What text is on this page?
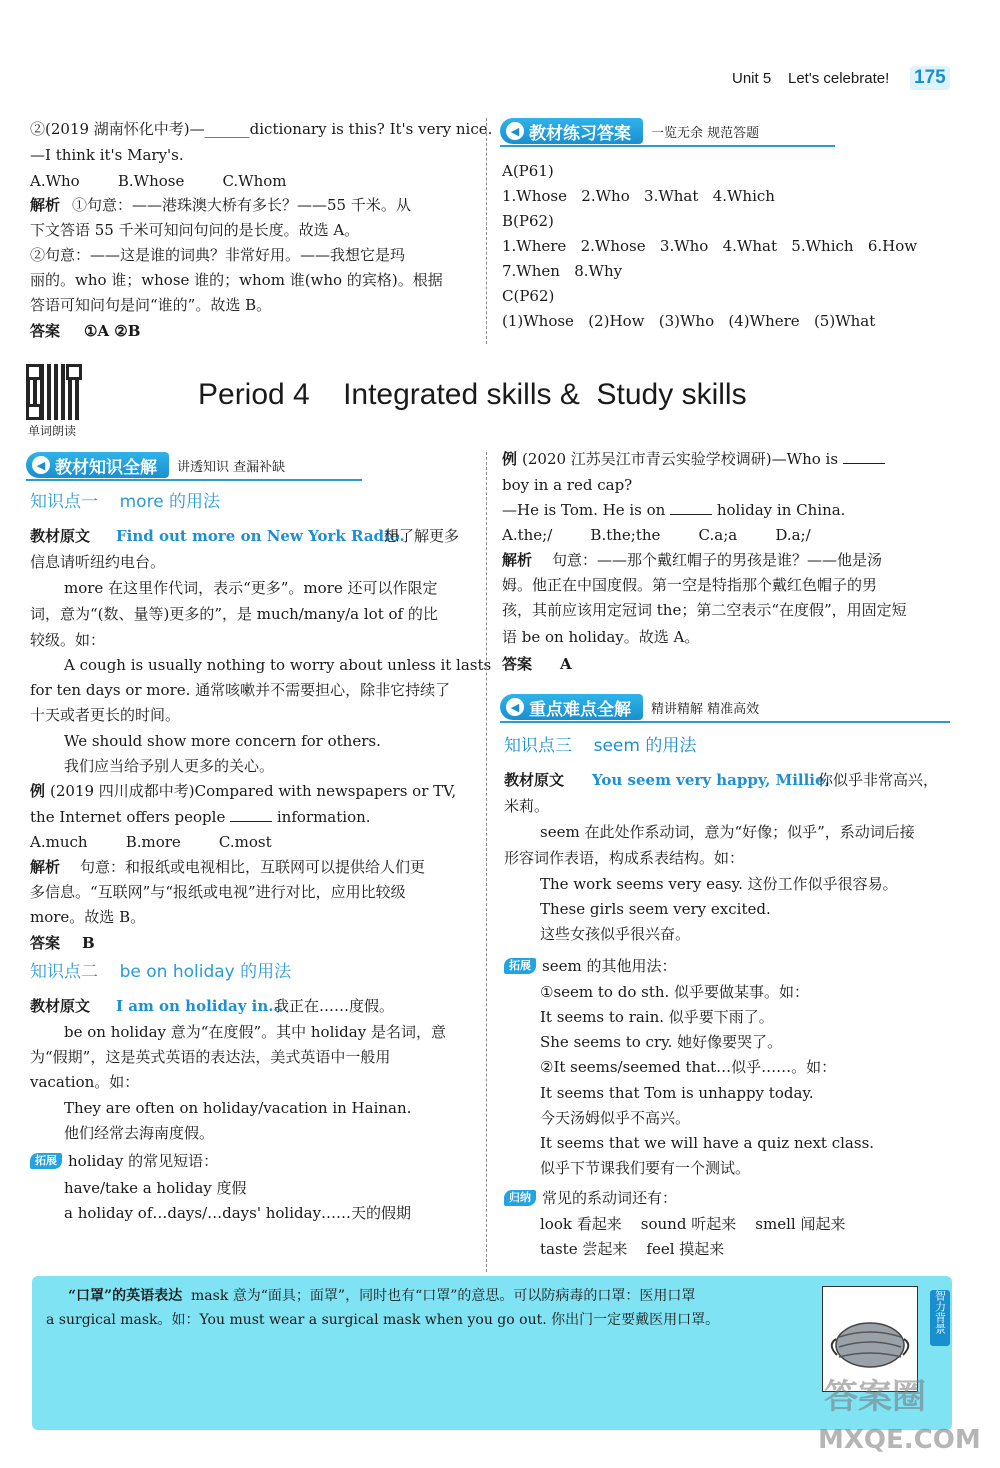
Unit 5 Let's celebrate! 175
②(2019 湖南怀化中考)—______dictionary is this? It's very nice.
—I think it's Mary's.
A.Who        B.Whose        C.Whom
解析 ①句意：——港珠澳大桥有多长？——55 千米。从
下文答语 55 千米可知问句问的是长度。故选 A。
②句意：——这是谁的词典？非常好用。——我想它是玛
丽的。who 谁；whose 谁的；whom 谁(who 的宾格)。根据
答语可知问句是问“谁的”。故选 B。
答案 ①A ②B
◀ 教材练习答案 一览无余 规范答题
A(P61)
1.Whose   2.Who   3.What   4.Which
B(P62)
1.Where   2.Whose   3.Who   4.What   5.Which   6.How
7.When   8.Why
C(P62)
(1)Whose   (2)How   (3)Who   (4)Where   (5)What
单词朗读
Period 4    Integrated skills &  Study skills
◀ 教材知识全解 讲透知识 查漏补缺
知识点一    more 的用法
教材原文 Find out more on New York Radio.
想了解更多
信息请听纽约电台。
more 在这里作代词，表示“更多”。more 还可以作限定
词，意为“(数、量等)更多的”，是 much/many/a lot of 的比
较级。如：
A cough is usually nothing to worry about unless it lasts
for ten days or more. 通常咳嗽并不需要担心，除非它持续了
十天或者更长的时间。
We should show more concern for others.
我们应当给予别人更多的关心。
例 (2019 四川成都中考)Compared with newspapers or TV,
the Internet offers people	information.
A.much        B.more        C.most
解析 句意：和报纸或电视相比，互联网可以提供给人们更
多信息。“互联网”与“报纸或电视”进行对比，应用比较级
more。故选 B。
答案 B
知识点二    be on holiday 的用法
教材原文 I am on holiday in…
我正在……度假。
be on holiday 意为“在度假”。其中 holiday 是名词，意
为“假期”，这是英式英语的表达法，美式英语中一般用
vacation。如：
They are often on holiday/vacation in Hainan.
他们经常去海南度假。
拓展 holiday 的常见短语：
have/take a holiday 度假
a holiday of…days/…days' holiday……天的假期
例 (2020 江苏吴江市青云实验学校调研)—Who is
boy in a red cap?
—He is Tom. He is on	holiday in China.
A.the;/        B.the;the        C.a;a        D.a;/
解析 句意：——那个戴红帽子的男孩是谁？——他是汤
姆。他正在中国度假。第一空是特指那个戴红色帽子的男
孩，其前应该用定冠词 the；第二空表示“在度假”，用固定短
语 be on holiday。故选 A。
答案 A
◀ 重点难点全解 精讲精解 精准高效
知识点三    seem 的用法
教材原文 You seem very happy, Millie.
你似乎非常高兴，
米莉。
seem 在此处作系动词，意为“好像；似乎”，系动词后接
形容词作表语，构成系表结构。如：
The work seems very easy. 这份工作似乎很容易。
These girls seem very excited.
这些女孩似乎很兴奋。
拓展 seem 的其他用法：
①seem to do sth. 似乎要做某事。如：
It seems to rain. 似乎要下雨了。
She seems to cry. 她好像要哭了。
②It seems/seemed that…似乎……。如：
It seems that Tom is unhappy today.
今天汤姆似乎不高兴。
It seems that we will have a quiz next class.
似乎下节课我们要有一个测试。
归纳 常见的系动词还有：
look 看起来    sound 听起来    smell 闻起来
taste 尝起来    feel 摸起来
“口罩”的英语表达 mask 意为“面具；面罩”，同时也有“口罩”的意思。可以防病毒的口罩：医用口罩
a surgical mask。如：You must wear a surgical mask when you go out. 你出门一定要戴医用口罩。	智力背景
答案圈
MXQE.COM
